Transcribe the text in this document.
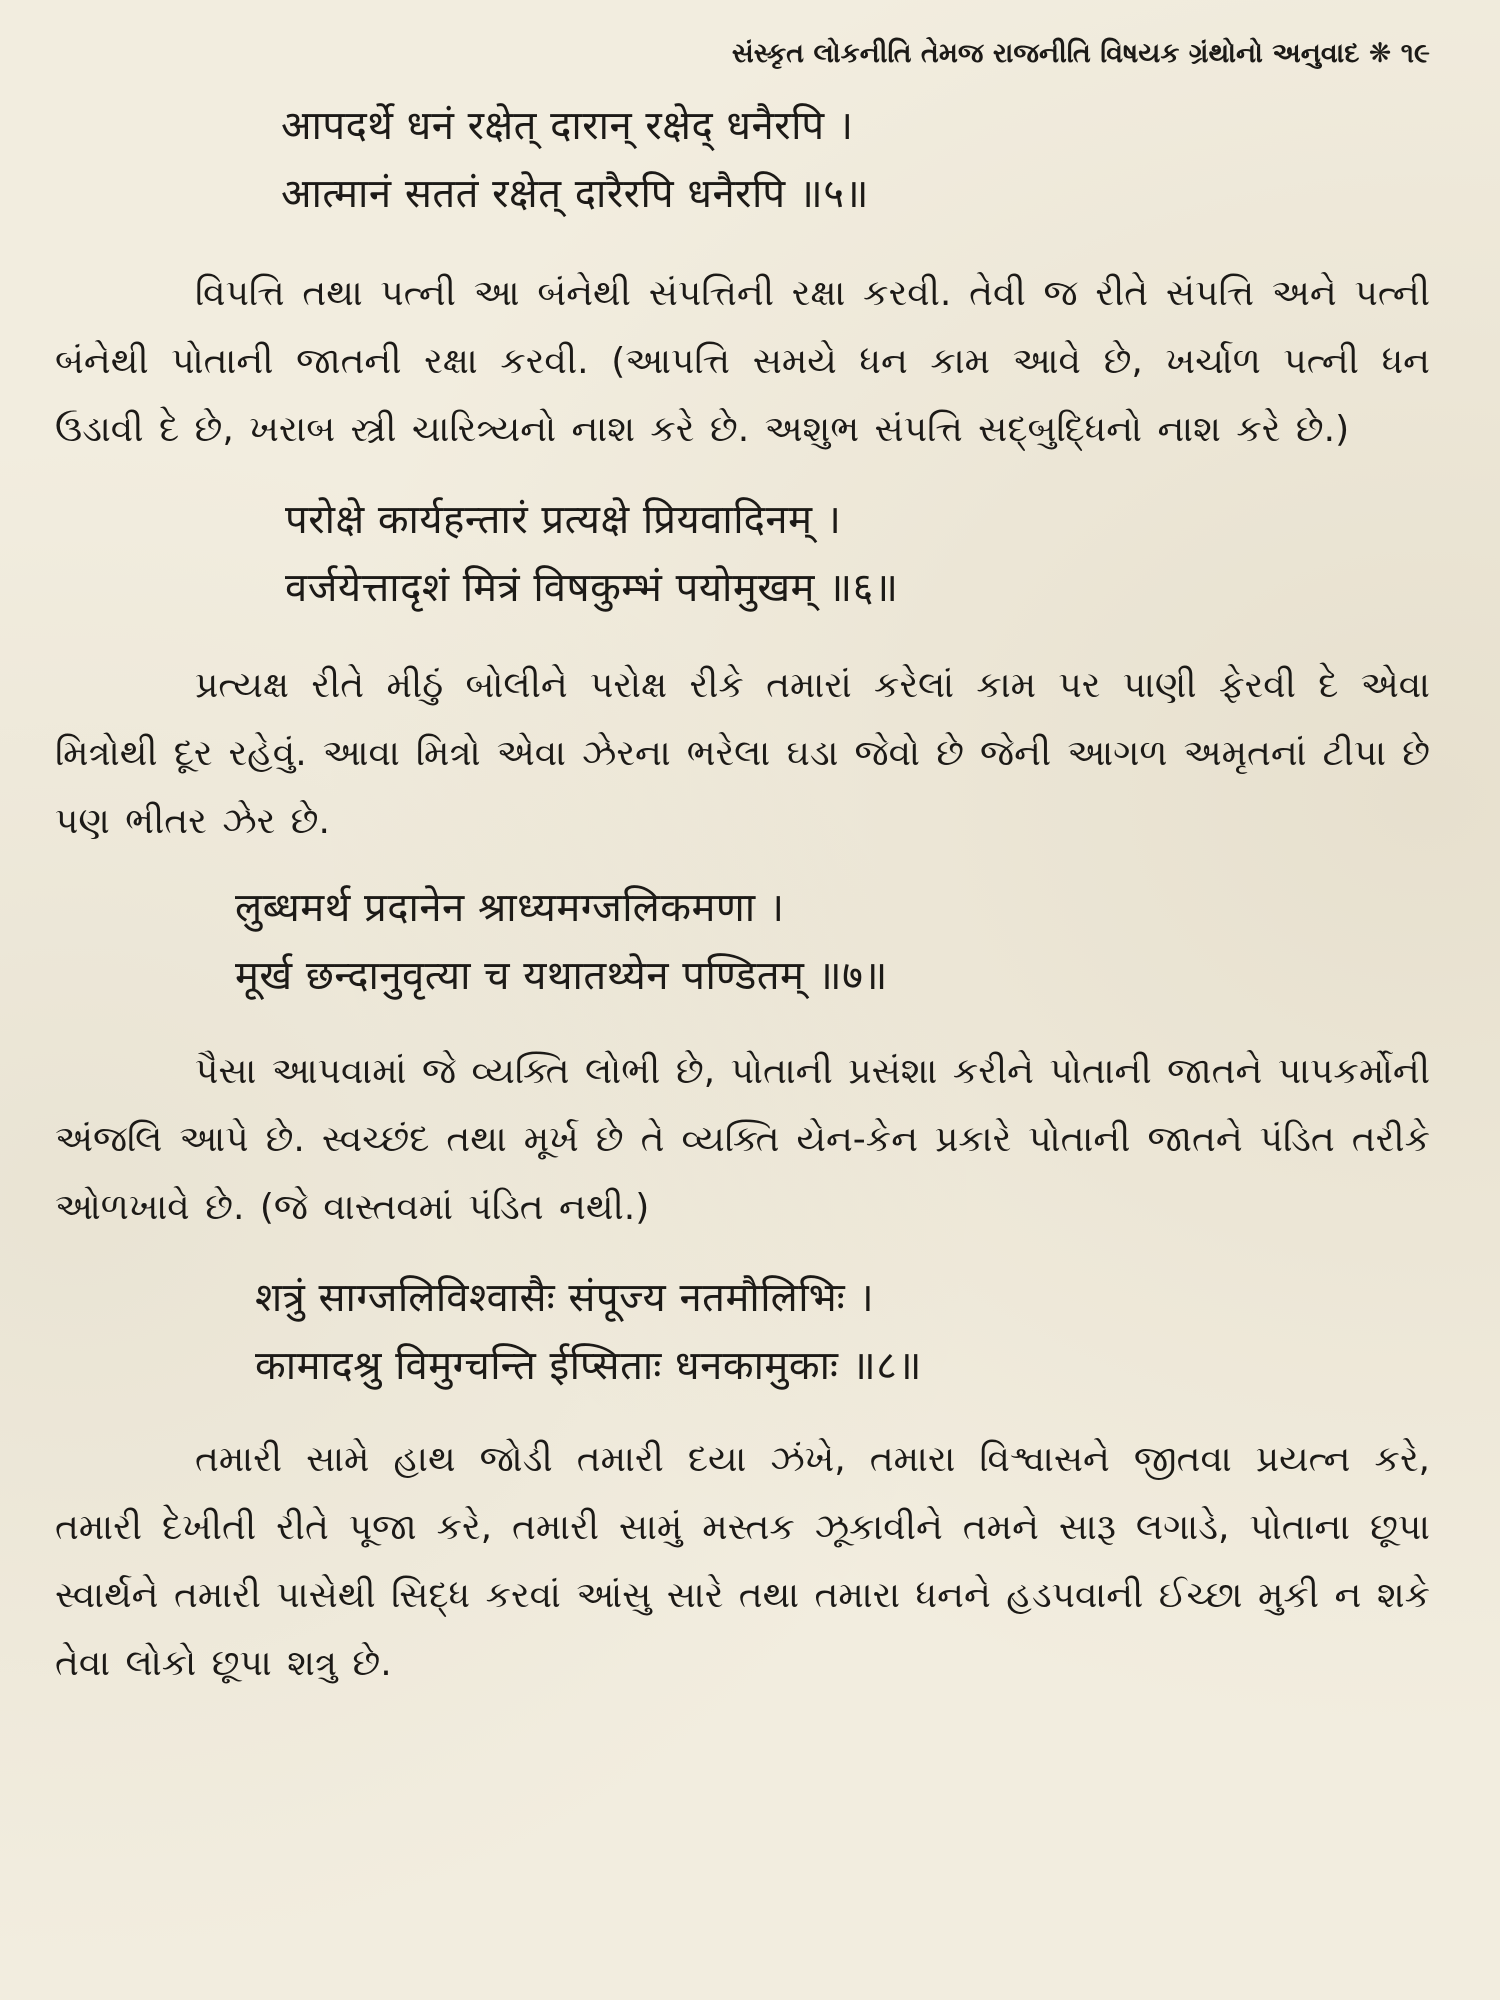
સંસ્કૃત લોકનીતિ તેમજ રાજનીતિ વિષયક ગ્રંથોનો અનુવાદ ❋ ૧૯
आपदर्थे धनं रक्षेत् दारान् रक्षेद् धनैरपि ।
आत्मानं सततं रक्षेत् दारैरपि धनैरपि ॥५॥
વિપત્તિ તથા પત્ની આ બંનેથી સંપત્તિની રક્ષા કરવી. તેવી જ રીતે સંપત્તિ અને પત્ની બંનેથી પોતાની જાતની રક્ષા કરવી. (આપત્તિ સમયે ધન કામ આવે છે, ખર્ચાળ પત્ની ધન ઉડાવી દે છે, ખરાબ સ્ત્રી ચારિત્ર્યનો નાશ કરે છે. અશુભ સંપત્તિ સદ્બુદ્ધિનો નાશ કરે છે.)
परोक्षे कार्यहन्तारं प्रत्यक्षे प्रियवादिनम् ।
वर्जयेत्तादृशं मित्रं विषकुम्भं पयोमुखम् ॥६॥
પ્રત્યક્ષ રીતે મીઠું બોલીને પરોક્ષ રીકે તમારાં કરેલાં કામ પર પાણી ફેરવી દે એવા મિત્રોથી દૂર રહેવું. આવા મિત્રો એવા ઝેરના ભરેલા ઘડા જેવો છે જેની આગળ અમૃતનાં ટીપા છે પણ ભીતર ઝેર છે.
लुब्धमर्थ प्रदानेन श्राध्यमग्जलिकमणा ।
मूर्ख छन्दानुवृत्या च यथातथ्येन पण्डितम् ॥७॥
પૈસા આપવામાં જે વ્યક્તિ લોભી છે, પોતાની પ્રસંશા કરીને પોતાની જાતને પાપકર્મોની અંજલિ આપે છે. સ્વચ્છંદ તથા મૂર્ખ છે તે વ્યક્તિ યેન-કેન પ્રકારે પોતાની જાતને પંડિત તરીકે ઓળખાવે છે. (જે વાસ્તવમાં પંડિત નથી.)
शत्रुं साग्जलिविश्वासैः संपूज्य नतमौलिभिः ।
कामादश्रु विमुग्चन्ति ईप्सिताः धनकामुकाः ॥८॥
તમારી સામે હાથ જોડી તમારી દયા ઝંખે, તમારા વિશ્વાસને જીતવા પ્રયત્ન કરે, તમારી દેખીતી રીતે પૂજા કરે, તમારી સામું મસ્તક ઝૂકાવીને તમને સારૂ લગાડે, પોતાના છૂપા સ્વાર્થને તમારી પાસેથી સિદ્ધ કરવાં આંસુ સારે તથા તમારા ધનને હડપવાની ઈચ્છા મુકી ન શકે તેવા લોકો છૂપા શત્રુ છે.
